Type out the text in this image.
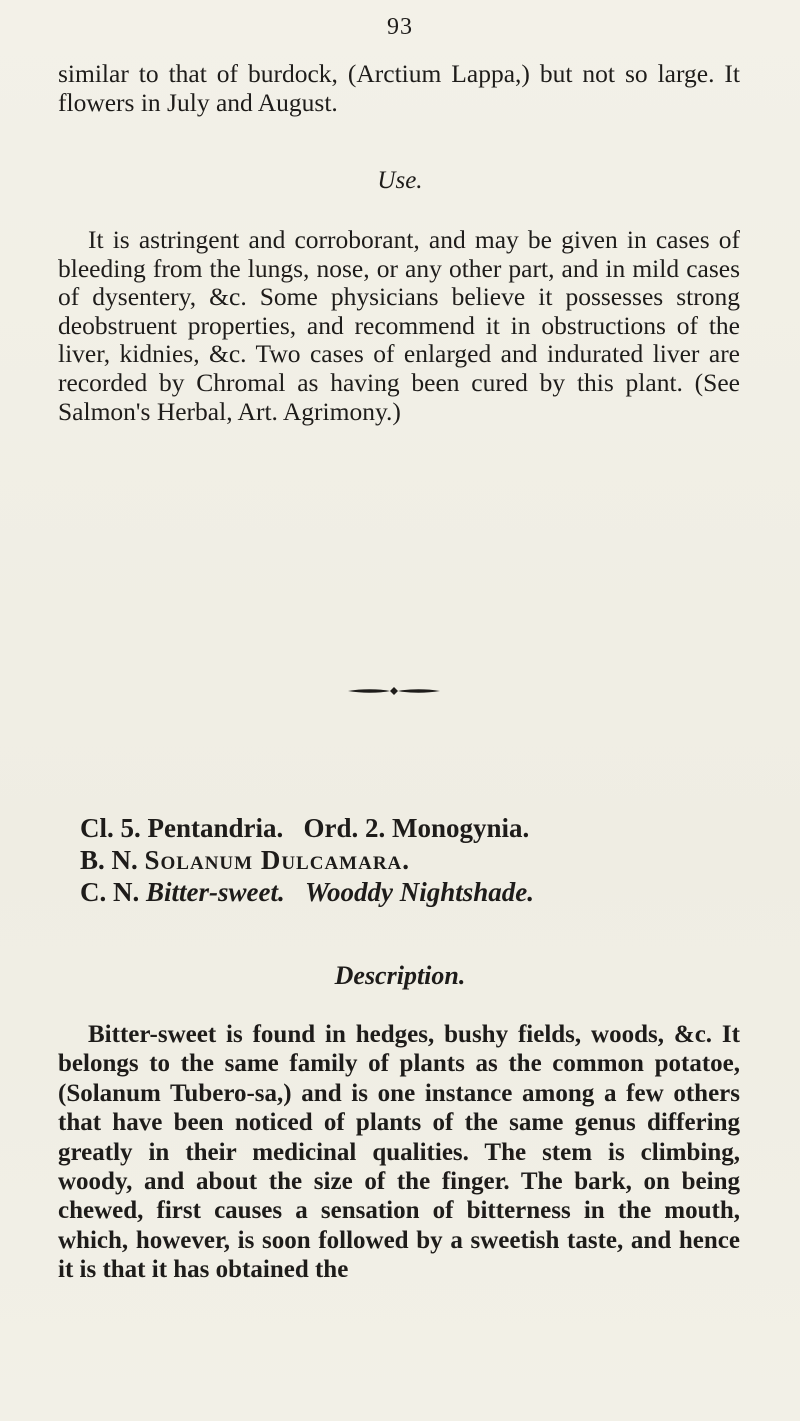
93

similar to that of burdock, (Arctium Lappa,) but not so large. It flowers in July and August.

Use.

It is astringent and corroborant, and may be given in cases of bleeding from the lungs, nose, or any other part, and in mild cases of dysentery, &c. Some physicians believe it possesses strong deobstruent properties, and recommend it in obstructions of the liver, kidnies, &c. Two cases of enlarged and indurated liver are recorded by Chromal as having been cured by this plant. (See Salmon's Herbal, Art. Agrimony.)

Cl. 5. Pentandria. Ord. 2. Monogynia.
B. N. Solanum Dulcamara.
C. N. Bitter-sweet. Wooddy Nightshade.
Description.

Bitter-sweet is found in hedges, bushy fields, woods, &c. It belongs to the same family of plants as the common potatoe, (Solanum Tubero-sa,) and is one instance among a few others that have been noticed of plants of the same genus differing greatly in their medicinal qualities. The stem is climbing, woody, and about the size of the finger. The bark, on being chewed, first causes a sensation of bitterness in the mouth, which, however, is soon followed by a sweetish taste, and hence it is that it has obtained the
